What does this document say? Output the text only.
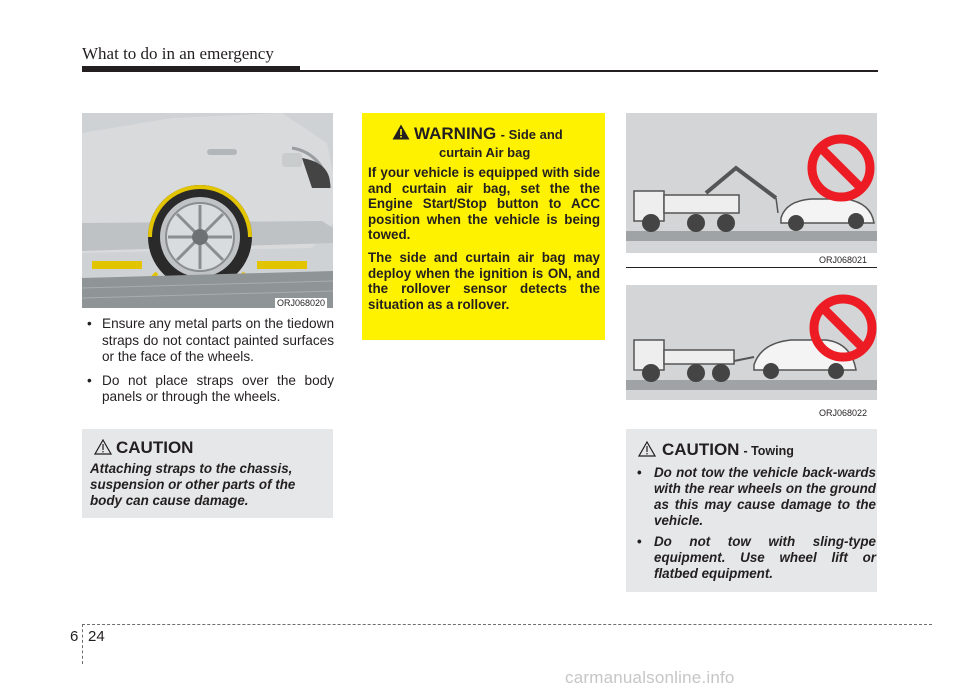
What to do in an emergency
ORJ068020
• Ensure any metal parts on the tiedown straps do not contact painted surfaces or the face of the wheels.
• Do not place straps over the body panels or through the wheels.
CAUTION
Attaching straps to the chassis, suspension or other parts of the body can cause damage.
WARNING - Side and
curtain Air bag

If your vehicle is equipped with side and curtain air bag, set the the Engine Start/Stop button to ACC position when the vehicle is being towed.

The side and curtain air bag may deploy when the ignition is ON, and the rollover sensor detects the situation as a rollover.

ORJ068021
ORJ068022
CAUTION - Towing
• Do not tow the vehicle back-wards with the rear wheels on the ground as this may cause damage to the vehicle.
• Do not tow with sling-type equipment. Use wheel lift or flatbed equipment.
6 24
carmanualsonline.info
